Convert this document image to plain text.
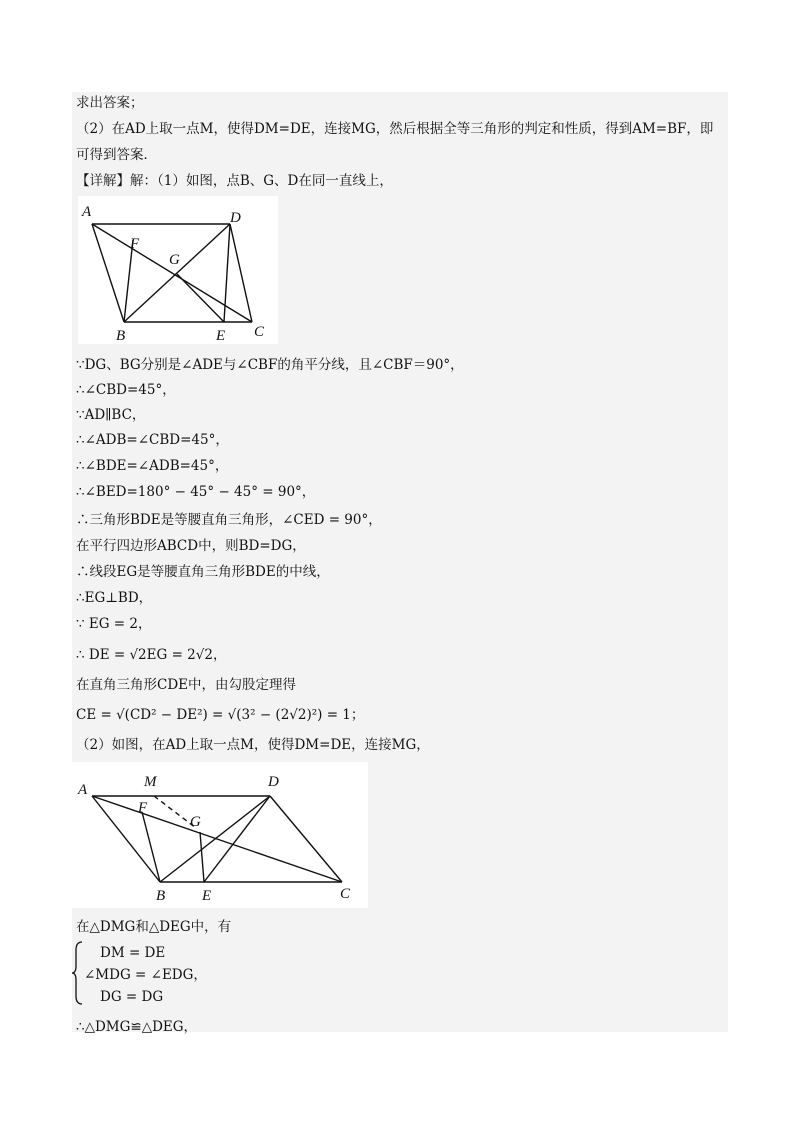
求出答案；
（2）在AD上取一点M，使得DM=DE，连接MG，然后根据全等三角形的判定和性质，得到AM=BF，即
可得到答案．
【详解】解：（1）如图，点B、G、D在同一直线上，
A	D
F
G
B	E C
∵DG、BG分别是∠ADE与∠CBF的角平分线，且∠CBF＝90°，
∴∠CBD=45°，
∵AD∥BC，
∴∠ADB=∠CBD=45°，
∴∠BDE=∠ADB=45°，
∴∠BED=180° − 45° − 45° = 90°，
∴三角形BDE是等腰直角三角形，∠CED = 90°，
在平行四边形ABCD中，则BD=DG，
∴线段EG是等腰直角三角形BDE的中线，
∴EG⊥BD，
∵ EG = 2，
∴ DE = √2EG = 2√2，
在直角三角形CDE中，由勾股定理得
CE = √(CD² − DE²) = √(3² − (2√2)²) = 1；
（2）如图，在AD上取一点M，使得DM=DE，连接MG，
A	M	D
F
G
B E	C
在△DMG和△DEG中，有
DM = DE
∠MDG = ∠EDG，
DG = DG
∴△DMG≌△DEG，
